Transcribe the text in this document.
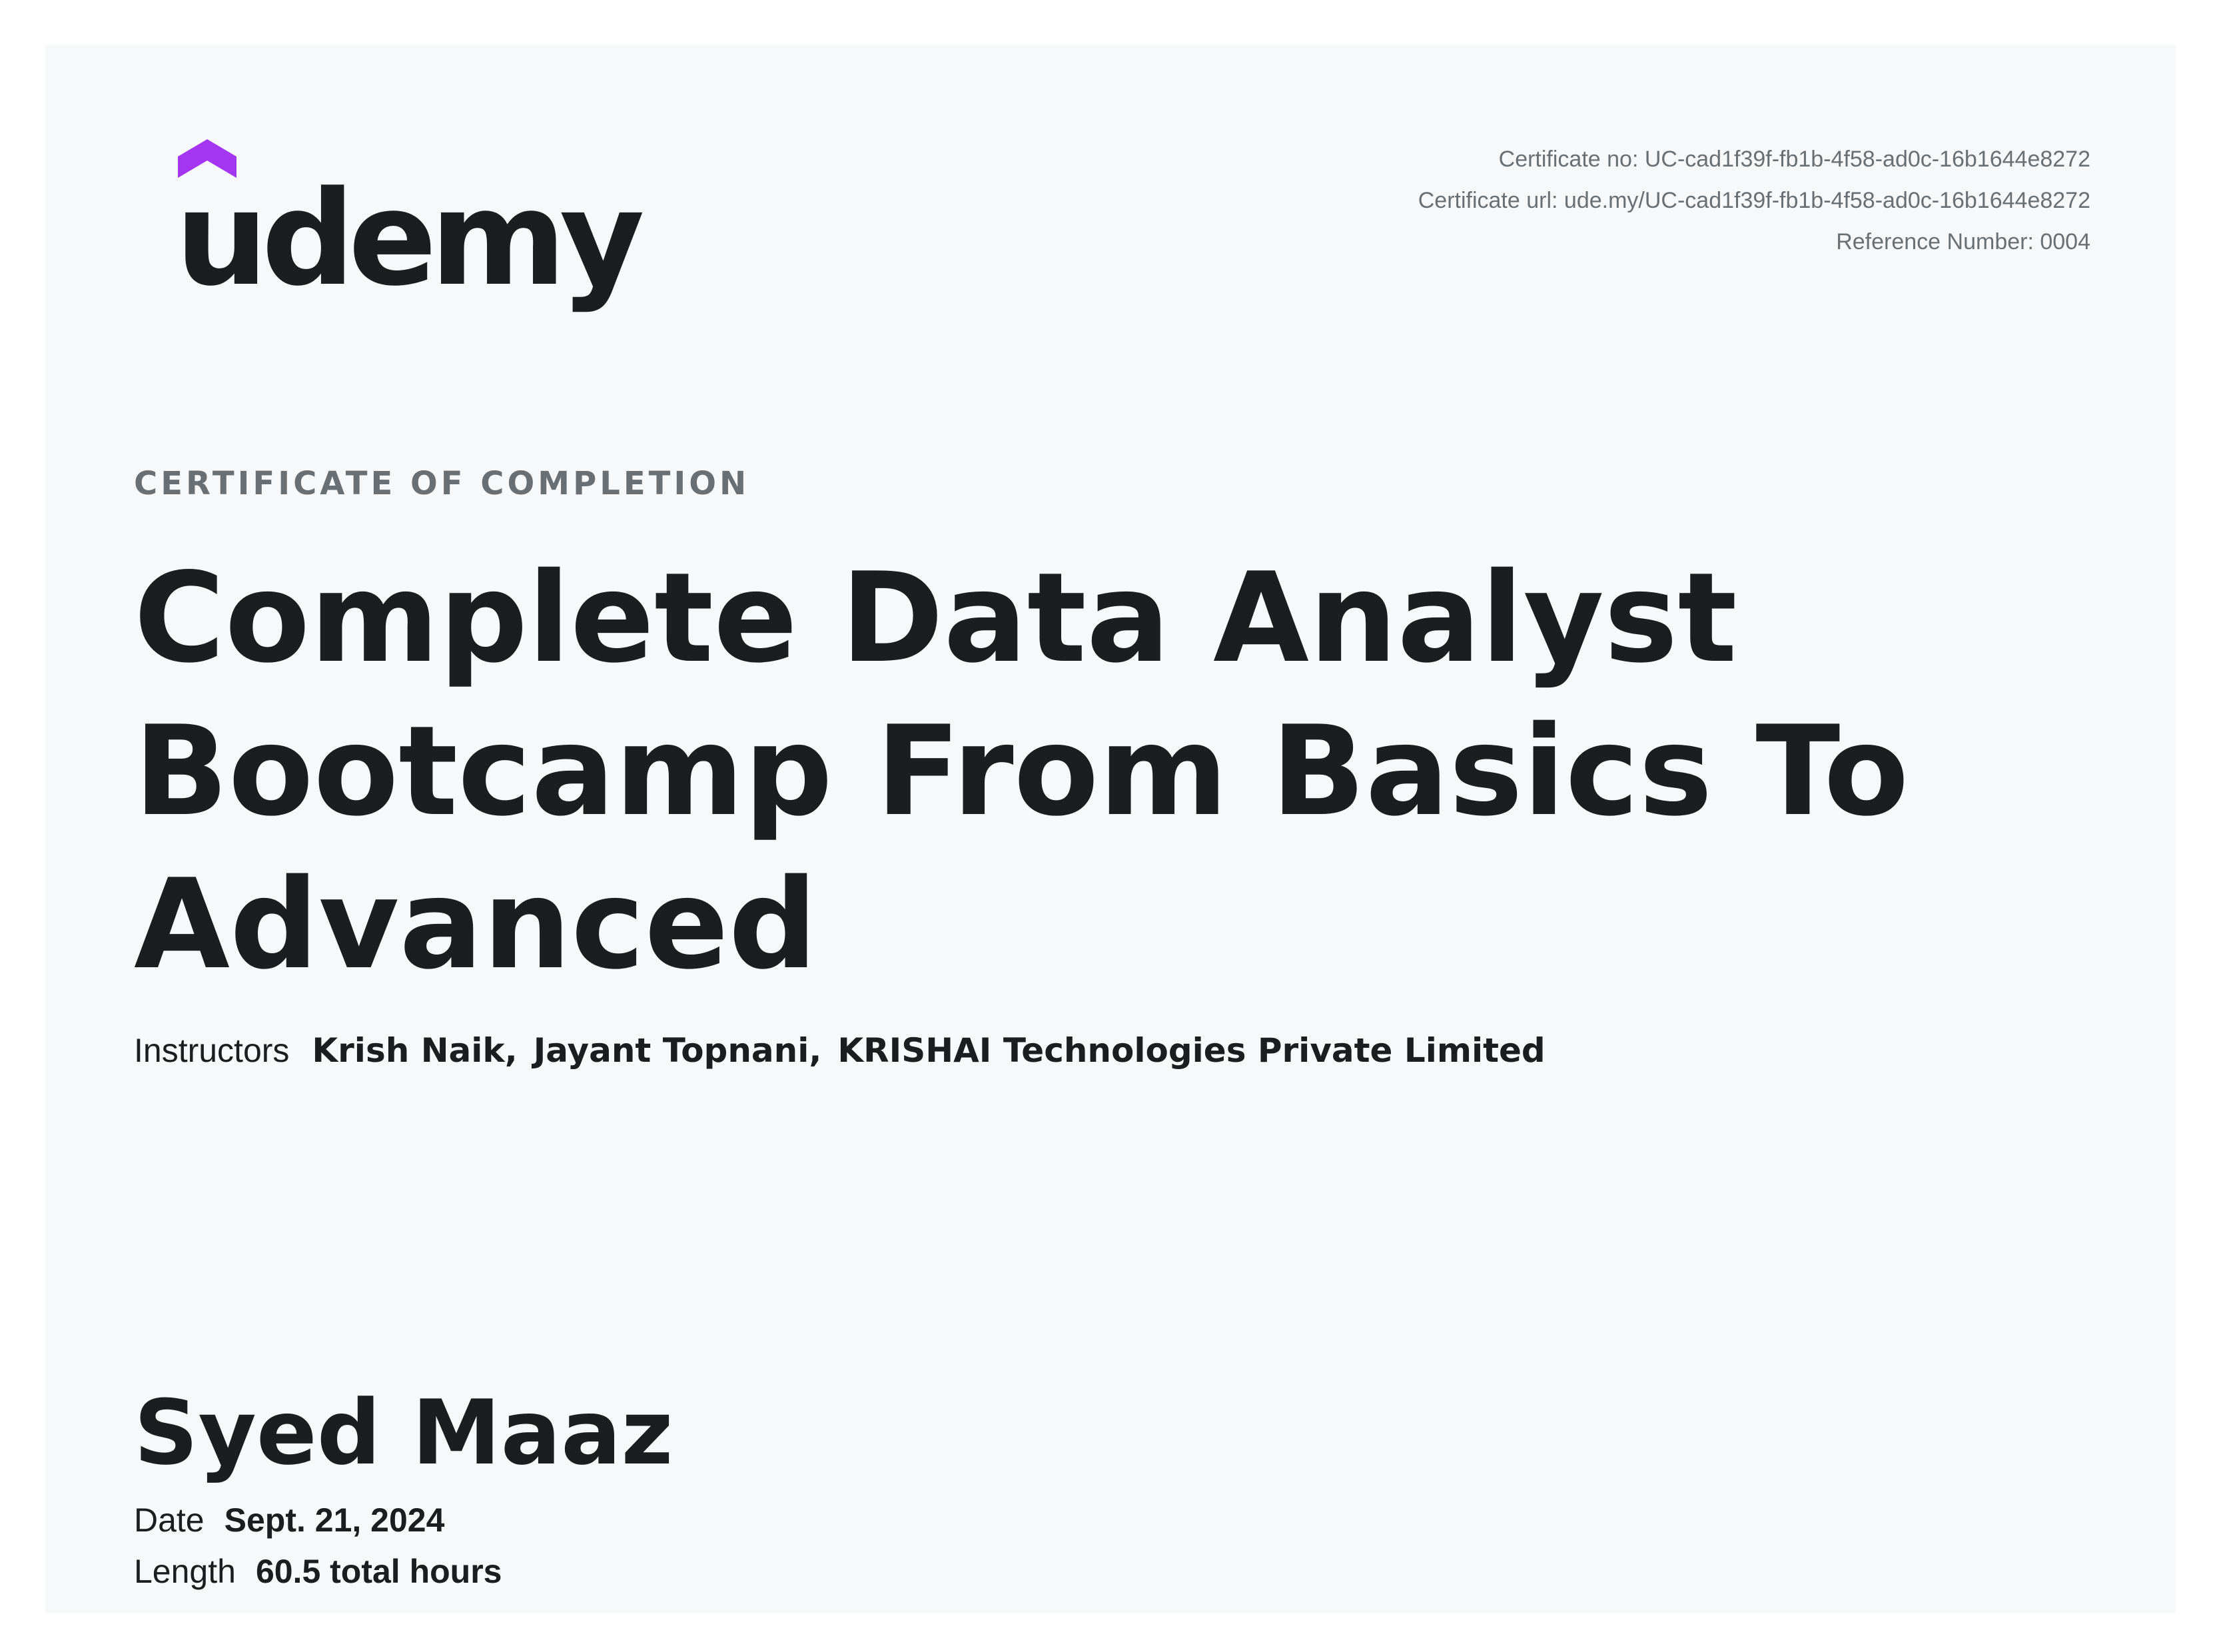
udemy
Certificate no: UC-cad1f39f-fb1b-4f58-ad0c-16b1644e8272
Certificate url: ude.my/UC-cad1f39f-fb1b-4f58-ad0c-16b1644e8272
Reference Number: 0004
CERTIFICATE OF COMPLETION
Complete Data Analyst Bootcamp From Basics To Advanced
Instructors Krish Naik, Jayant Topnani, KRISHAI Technologies Private Limited
Syed Maaz
Date Sept. 21, 2024
Length 60.5 total hours
